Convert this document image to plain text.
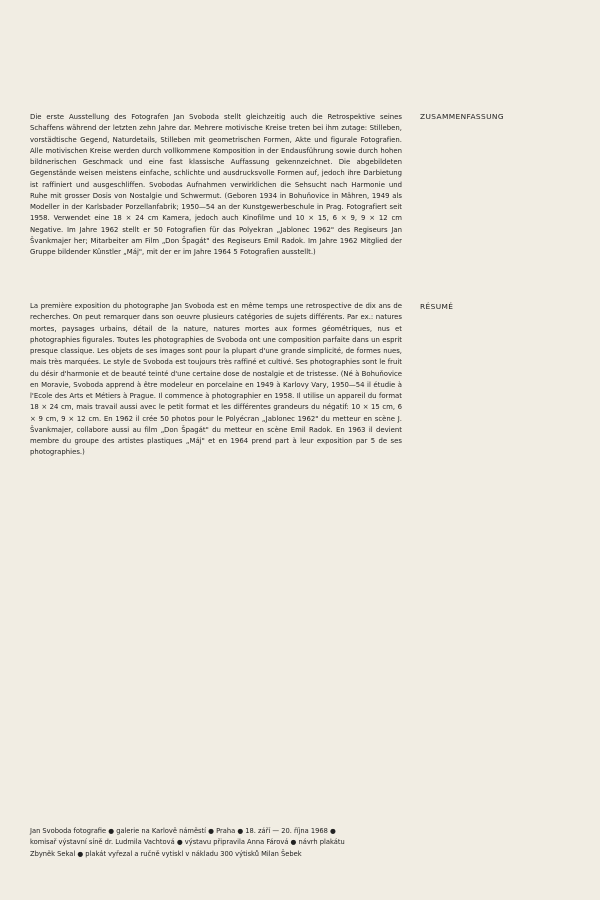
Die erste Ausstellung des Fotografen Jan Svoboda stellt gleichzeitig auch die Retrospektive seines Schaffens während der letzten zehn Jahre dar. Mehrere motivische Kreise treten bei ihm zutage: Stilleben, vorstädtische Gegend, Naturdetails, Stilleben mit geometrischen Formen, Akte und figurale Fotografien. Alle motivischen Kreise werden durch vollkommene Komposition in der Endausführung sowie durch hohen bildnerischen Geschmack und eine fast klassische Auffassung gekennzeichnet. Die abgebildeten Gegenstände weisen meistens einfache, schlichte und ausdrucksvolle Formen auf, jedoch ihre Darbietung ist raffiniert und ausgeschliffen. Svobodas Aufnahmen verwirklichen die Sehsucht nach Harmonie und Ruhe mit grosser Dosis von Nostalgie und Schwermut. (Geboren 1934 in Bohuňovice in Mähren, 1949 als Modeller in der Karlsbader Porzellanfabrik; 1950—54 an der Kunstgewerbeschule in Prag. Fotografiert seit 1958. Verwendet eine 18 × 24 cm Kamera, jedoch auch Kinofilme und 10 × 15, 6 × 9, 9 × 12 cm Negative. Im Jahre 1962 stellt er 50 Fotografien für das Polyekran „Jablonec 1962" des Regiseurs Jan Švankmajer her; Mitarbeiter am Film „Don Špagát" des Regiseurs Emil Radok. Im Jahre 1962 Mitglied der Gruppe bildender Künstler „Máj", mit der er im Jahre 1964 5 Fotografien ausstellt.)

ZUSAMMENFASSUNG

La première exposition du photographe Jan Svoboda est en même temps une retrospective de dix ans de recherches. On peut remarquer dans son oeuvre plusieurs catégories de sujets différents. Par ex.: natures mortes, paysages urbains, détail de la nature, natures mortes aux formes géométriques, nus et photographies figurales. Toutes les photographies de Svoboda ont une composition parfaite dans un esprit presque classique. Les objets de ses images sont pour la plupart d'une grande simplicité, de formes nues, mais très marquées. Le style de Svoboda est toujours très raffiné et cultivé. Ses photographies sont le fruit du désir d'harmonie et de beauté teinté d'une certaine dose de nostalgie et de tristesse. (Né à Bohuňovice en Moravie, Svoboda apprend à être modeleur en porcelaine en 1949 à Karlovy Vary, 1950—54 il étudie à l'Ecole des Arts et Métiers à Prague. Il commence à photographier en 1958. Il utilise un appareil du format 18 × 24 cm, mais travail aussi avec le petit format et les différentes grandeurs du négatif: 10 × 15 cm, 6 × 9 cm, 9 × 12 cm. En 1962 il crée 50 photos pour le Polyécran „Jablonec 1962" du metteur en scène J. Švankmajer, collabore aussi au film „Don Špagát" du metteur en scène Emil Radok. En 1963 il devient membre du groupe des artistes plastiques „Máj" et en 1964 prend part à leur exposition par 5 de ses photographies.)

RÉSUMÉ
Jan Svoboda fotografie ● galerie na Karlově náměstí ● Praha ● 18. září — 20. října 1968 ●
komisař výstavní síně dr. Ludmila Vachtová ● výstavu připravila Anna Fárová ● návrh plakátu
Zbyněk Sekal ● plakát vyřezal a ručně vytiskl v nákladu 300 výtisků Milan Šebek
